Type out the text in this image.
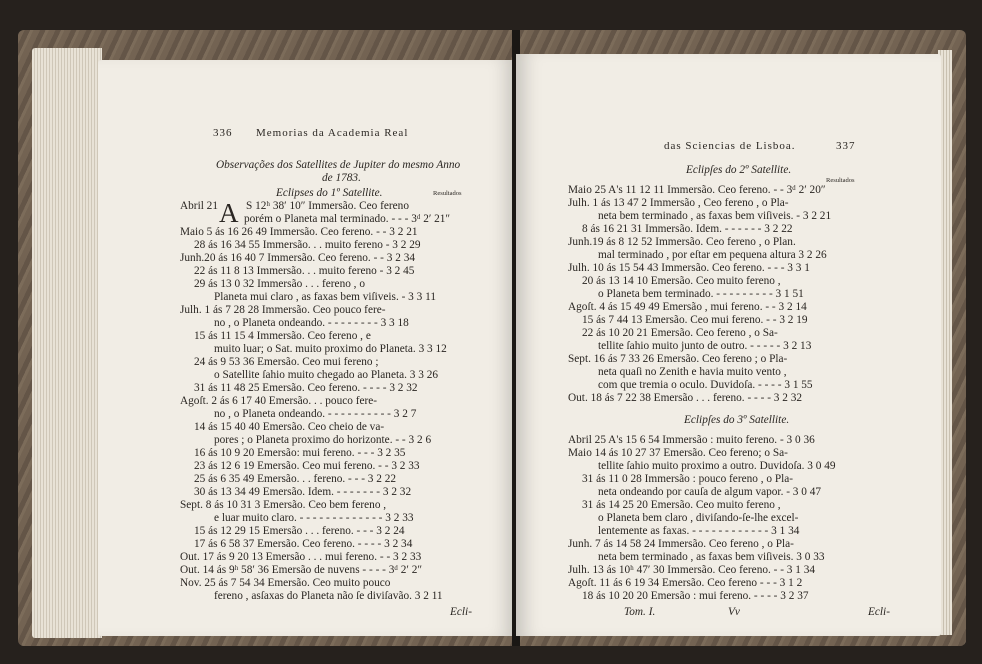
336 Memorias da Academia Real
Observações dos Satellites de Jupiter do mesmo Anno
de 1783.
Eclipses do 1º Satellite.	Resultados
A
Abril 21 S 12ʰ 38′ 10″ Immersão. Ceo fereno
porém o Planeta mal terminado. - - - 3ᵈ 2′ 21″
Maio 5 ás 16 26 49 Immersão. Ceo fereno. - - 3 2 21
28 ás 16 34 55 Immersão. . . muito fereno - 3 2 29
Junh.20 ás 16 40 7 Immersão. Ceo fereno. - - 3 2 34
22 ás 11 8 13 Immersão. . . muito fereno - 3 2 45
29 ás 13 0 32 Immersão . . . fereno , o
Planeta mui claro , as faxas bem viſiveis. - 3 3 11
Julh. 1 ás 7 28 28 Immersão. Ceo pouco fere-
no , o Planeta ondeando. - - - - - - - - 3 3 18
15 ás 11 15 4 Immersão. Ceo fereno , e
muito luar; o Sat. muito proximo do Planeta. 3 3 12
24 ás 9 53 36 Emersão. Ceo mui fereno ;
o Satellite ſahio muito chegado ao Planeta. 3 3 26
31 ás 11 48 25 Emersão. Ceo fereno. - - - - 3 2 32
Agoſt. 2 ás 6 17 40 Emersão. . . pouco fere-
no , o Planeta ondeando. - - - - - - - - - - 3 2 7
14 ás 15 40 40 Emersão. Ceo cheio de va-
pores ; o Planeta proximo do horizonte. - - 3 2 6
16 ás 10 9 20 Emersão: mui fereno. - - - 3 2 35
23 ás 12 6 19 Emersão. Ceo mui fereno. - - 3 2 33
25 ás 6 35 49 Emersão. . . fereno. - - - 3 2 22
30 ás 13 34 49 Emersão. Idem. - - - - - - - 3 2 32
Sept. 8 ás 10 31 3 Emersão. Ceo bem fereno ,
e luar muito claro. - - - - - - - - - - - - - 3 2 33
15 ás 12 29 15 Emersão . . . fereno. - - - 3 2 24
17 ás 6 58 37 Emersão. Ceo fereno. - - - - 3 2 34
Out. 17 ás 9 20 13 Emersão . . . mui fereno. - - 3 2 33
Out. 14 ás 9ʰ 58′ 36 Emersão de nuvens - - - - 3ᵈ 2′ 2″
Nov. 25 ás 7 54 34 Emersão. Ceo muito pouco
fereno , asſaxas do Planeta não ſe diviſavão. 3 2 11
Ecli-
das Sciencias de Lisboa.	337
Eclipſes do 2º Satellite.
Resultados
Maio 25 A's 11 12 11 Immersão. Ceo fereno. - - 3ᵈ 2′ 20″
Julh. 1 ás 13 47 2 Immersão , Ceo fereno , o Pla-
neta bem terminado , as faxas bem viſiveis. - 3 2 21
8 ás 16 21 31 Immersão. Idem. - - - - - - 3 2 22
Junh.19 ás 8 12 52 Immersão. Ceo fereno , o Plan.
mal terminado , por eſtar em pequena altura 3 2 26
Julh. 10 ás 15 54 43 Immersão. Ceo fereno. - - - 3 3 1
20 ás 13 14 10 Emersão. Ceo muito fereno ,
o Planeta bem terminado. - - - - - - - - - 3 1 51
Agoſt. 4 ás 15 49 49 Emersão , mui fereno. - - 3 2 14
15 ás 7 44 13 Emersão. Ceo mui fereno. - - 3 2 19
22 ás 10 20 21 Emersão. Ceo fereno , o Sa-
tellite ſahio muito junto de outro. - - - - - 3 2 13
Sept. 16 ás 7 33 26 Emersão. Ceo fereno ; o Pla-
neta quaſi no Zenith e havia muito vento ,
com que tremia o oculo. Duvidoſa. - - - - 3 1 55
Out. 18 ás 7 22 38 Emersão . . . fereno. - - - - 3 2 32
Eclipſes do 3º Satellite.
Abril 25 A's 15 6 54 Immersão : muito fereno. - 3 0 36
Maio 14 ás 10 27 37 Emersão. Ceo fereno; o Sa-
tellite ſahio muito proximo a outro. Duvidoſa. 3 0 49
31 ás 11 0 28 Immersão : pouco fereno , o Pla-
neta ondeando por cauſa de algum vapor. - 3 0 47
31 ás 14 25 20 Emersão. Ceo muito fereno ,
o Planeta bem claro , diviſando-ſe-lhe excel-
lentemente as faxas. - - - - - - - - - - - - 3 1 34
Junh. 7 ás 14 58 24 Immersão. Ceo fereno , o Pla-
neta bem terminado , as faxas bem viſiveis. 3 0 33
Julh. 13 ás 10ʰ 47′ 30 Immersão. Ceo fereno. - - 3 1 34
Agoſt. 11 ás 6 19 34 Emersão. Ceo fereno - - - 3 1 2
18 ás 10 20 20 Emersão : mui fereno. - - - - 3 2 37
Tom. I.	Vv	Ecli-
